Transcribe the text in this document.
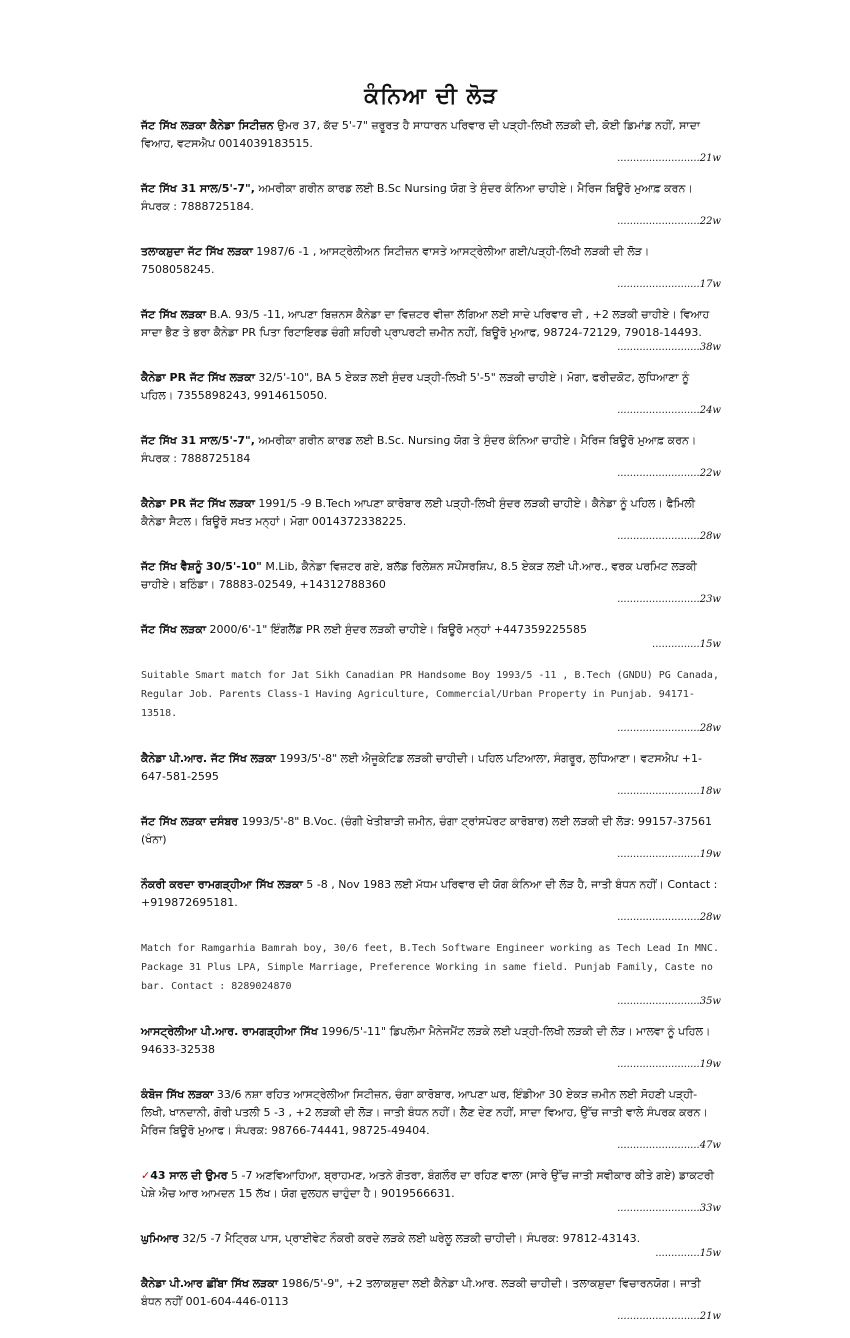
ਕੰਨਿਆ ਦੀ ਲੋੜ
ਜੱਟ ਸਿੱਖ ਲੜਕਾ ਕੈਨੇਡਾ ਸਿਟੀਜ਼ਨ ਉਮਰ 37, ਕੱਦ 5'-7" ਜ਼ਰੂਰਤ ਹੈ ਸਾਧਾਰਨ ਪਰਿਵਾਰ ਦੀ ਪੜ੍ਹੀ-ਲਿਖੀ ਲੜਕੀ ਦੀ, ਕੋਈ ਡਿਮਾਂਡ ਨਹੀਂ, ਸਾਦਾ ਵਿਆਹ, ਵਟਸਐਪ 0014039183515.
..........................21w
ਜੱਟ ਸਿੱਖ 31 ਸਾਲ/5'-7", ਅਮਰੀਕਾ ਗਰੀਨ ਕਾਰਡ ਲਈ B.Sc Nursing ਯੋਗ ਤੇ ਸੁੰਦਰ ਕੰਨਿਆ ਚਾਹੀਏ। ਮੈਰਿਜ ਬਿਊਰੋ ਮੁਆਫ਼ ਕਰਨ। ਸੰਪਰਕ : 7888725184.
..........................22w
ਤਲਾਕਸ਼ੁਦਾ ਜੱਟ ਸਿੱਖ ਲੜਕਾ 1987/6 -1 , ਆਸਟ੍ਰੇਲੀਅਨ ਸਿਟੀਜ਼ਨ ਵਾਸਤੇ ਆਸਟ੍ਰੇਲੀਆ ਗਈ/ਪੜ੍ਹੀ-ਲਿਖੀ ਲੜਕੀ ਦੀ ਲੋੜ। 7508058245.
..........................17w
ਜੱਟ ਸਿੱਖ ਲੜਕਾ B.A. 93/5 -11, ਆਪਣਾ ਬਿਜ਼ਨਸ ਕੈਨੇਡਾ ਦਾ ਵਿਜ਼ਟਰ ਵੀਜ਼ਾ ਲੱਗਿਆ ਲਈ ਸਾਦੇ ਪਰਿਵਾਰ ਦੀ , +2 ਲੜਕੀ ਚਾਹੀਏ। ਵਿਆਹ ਸਾਦਾ ਭੈਣ ਤੇ ਭਰਾ ਕੈਨੇਡਾ PR ਪਿਤਾ ਰਿਟਾਇਰਡ ਚੰਗੀ ਸ਼ਹਿਰੀ ਪ੍ਰਾਪਰਟੀ ਜ਼ਮੀਨ ਨਹੀਂ, ਬਿਊਰੋ ਮੁਆਫ, 98724-72129, 79018-14493.
..........................38w
ਕੈਨੇਡਾ PR ਜੱਟ ਸਿੱਖ ਲੜਕਾ 32/5'-10", BA 5 ਏਕੜ ਲਈ ਸੁੰਦਰ ਪੜ੍ਹੀ-ਲਿਖੀ 5'-5" ਲੜਕੀ ਚਾਹੀਏ। ਮੋਗਾ, ਫਰੀਦਕੋਟ, ਲੁਧਿਆਣਾ ਨੂੰ ਪਹਿਲ। 7355898243, 9914615050.
..........................24w
ਜੱਟ ਸਿੱਖ 31 ਸਾਲ/5'-7", ਅਮਰੀਕਾ ਗਰੀਨ ਕਾਰਡ ਲਈ B.Sc. Nursing ਯੋਗ ਤੇ ਸੁੰਦਰ ਕੰਨਿਆ ਚਾਹੀਏ। ਮੈਰਿਜ ਬਿਊਰੋ ਮੁਆਫ਼ ਕਰਨ। ਸੰਪਰਕ : 7888725184
..........................22w
ਕੈਨੇਡਾ PR ਜੱਟ ਸਿੱਖ ਲੜਕਾ 1991/5 -9 B.Tech ਆਪਣਾ ਕਾਰੋਬਾਰ ਲਈ ਪੜ੍ਹੀ-ਲਿਖੀ ਸੁੰਦਰ ਲੜਕੀ ਚਾਹੀਏ। ਕੈਨੇਡਾ ਨੂੰ ਪਹਿਲ। ਫੈਮਿਲੀ ਕੈਨੇਡਾ ਸੈਟਲ। ਬਿਊਰੋ ਸਖਤ ਮਨ੍ਹਾਂ। ਮੋਗਾ 0014372338225.
..........................28w
ਜੱਟ ਸਿੱਖ ਵੈਸ਼ਨੂੰ 30/5'-10" M.Lib, ਕੈਨੇਡਾ ਵਿਜ਼ਟਰ ਗਏ, ਬਲੱਡ ਰਿਲੇਸ਼ਨ ਸਪੌਂਸਰਸ਼ਿਪ, 8.5 ਏਕੜ ਲਈ ਪੀ.ਆਰ., ਵਰਕ ਪਰਮਿਟ ਲੜਕੀ ਚਾਹੀਏ। ਬਠਿੰਡਾ। 78883-02549, +14312788360
..........................23w
ਜੱਟ ਸਿੱਖ ਲੜਕਾ 2000/6'-1" ਇੰਗਲੈਂਡ PR ਲਈ ਸੁੰਦਰ ਲੜਕੀ ਚਾਹੀਏ। ਬਿਊਰੋ ਮਨ੍ਹਾਂ +447359225585
...............15w
Suitable Smart match for Jat Sikh Canadian PR Handsome Boy 1993/5 -11 , B.Tech (GNDU) PG Canada, Regular Job. Parents Class-1 Having Agriculture, Commercial/Urban Property in Punjab. 94171-13518.
..........................28w
ਕੈਨੇਡਾ ਪੀ.ਆਰ. ਜੱਟ ਸਿੱਖ ਲੜਕਾ 1993/5'-8" ਲਈ ਐਜੂਕੇਟਿਡ ਲੜਕੀ ਚਾਹੀਦੀ। ਪਹਿਲ ਪਟਿਆਲਾ, ਸੰਗਰੂਰ, ਲੁਧਿਆਣਾ। ਵਟਸਐਪ +1-647-581-2595
..........................18w
ਜੱਟ ਸਿੱਖ ਲੜਕਾ ਦਸੰਬਰ 1993/5'-8" B.Voc. (ਚੰਗੀ ਖੇਤੀਬਾੜੀ ਜ਼ਮੀਨ, ਚੰਗਾ ਟ੍ਰਾਂਸਪੋਰਟ ਕਾਰੋਬਾਰ) ਲਈ ਲੜਕੀ ਦੀ ਲੋੜ: 99157-37561 (ਖੰਨਾ)
..........................19w
ਨੌਕਰੀ ਕਰਦਾ ਰਾਮਗੜ੍ਹੀਆ ਸਿੱਖ ਲੜਕਾ 5 -8 , Nov 1983 ਲਈ ਮੱਧਮ ਪਰਿਵਾਰ ਦੀ ਯੋਗ ਕੰਨਿਆ ਦੀ ਲੋੜ ਹੈ, ਜਾਤੀ ਬੰਧਨ ਨਹੀਂ। Contact : +919872695181.
..........................28w
Match for Ramgarhia Bamrah boy, 30/6 feet, B.Tech Software Engineer working as Tech Lead In MNC. Package 31 Plus LPA, Simple Marriage, Preference Working in same field. Punjab Family, Caste no bar. Contact : 8289024870
..........................35w
ਆਸਟ੍ਰੇਲੀਆ ਪੀ.ਆਰ. ਰਾਮਗੜ੍ਹੀਆ ਸਿੱਖ 1996/5'-11" ਡਿਪਲੋਮਾ ਮੈਨੇਜਮੈਂਟ ਲੜਕੇ ਲਈ ਪੜ੍ਹੀ-ਲਿਖੀ ਲੜਕੀ ਦੀ ਲੋੜ। ਮਾਲਵਾ ਨੂੰ ਪਹਿਲ। 94633-32538
..........................19w
ਕੰਬੋਜ ਸਿੱਖ ਲੜਕਾ 33/6 ਨਸ਼ਾ ਰਹਿਤ ਆਸਟ੍ਰੇਲੀਆ ਸਿਟੀਜ਼ਨ, ਚੰਗਾ ਕਾਰੋਬਾਰ, ਆਪਣਾ ਘਰ, ਇੰਡੀਆ 30 ਏਕੜ ਜ਼ਮੀਨ ਲਈ ਸੋਹਣੀ ਪੜ੍ਹੀ-ਲਿਖੀ, ਖਾਨਦਾਨੀ, ਗੋਰੀ ਪਤਲੀ 5 -3 , +2 ਲੜਕੀ ਦੀ ਲੋੜ। ਜਾਤੀ ਬੰਧਨ ਨਹੀਂ। ਲੈਣ ਦੇਣ ਨਹੀਂ, ਸਾਦਾ ਵਿਆਹ, ਉੱਚ ਜਾਤੀ ਵਾਲੇ ਸੰਪਰਕ ਕਰਨ। ਮੈਰਿਜ ਬਿਊਰੋ ਮੁਆਫ। ਸੰਪਰਕ: 98766-74441, 98725-49404.
..........................47w
✓43 ਸਾਲ ਦੀ ਉਮਰ 5 -7 ਅਣਵਿਆਹਿਆ, ਬ੍ਰਾਹਮਣ, ਅਤਨੇ ਗੋਤਰਾ, ਬੰਗਲੌਰ ਦਾ ਰਹਿਣ ਵਾਲਾ (ਸਾਰੇ ਉੱਚ ਜਾਤੀ ਸਵੀਕਾਰ ਕੀਤੇ ਗਏ) ਡਾਕਟਰੀ ਪੇਸ਼ੇ ਐਚ ਆਰ ਆਮਦਨ 15 ਲੱਖ। ਯੋਗ ਦੁਲਹਨ ਚਾਹੁੰਦਾ ਹੈ। 9019566631.
..........................33w
ਘੁਮਿਆਰ 32/5 -7 ਮੈਟ੍ਰਿਕ ਪਾਸ, ਪ੍ਰਾਈਵੇਟ ਨੌਕਰੀ ਕਰਦੇ ਲੜਕੇ ਲਈ ਘਰੇਲੂ ਲੜਕੀ ਚਾਹੀਦੀ। ਸੰਪਰਕ: 97812-43143.
..............15w
ਕੈਨੇਡਾ ਪੀ.ਆਰ ਛੀਂਬਾ ਸਿੱਖ ਲੜਕਾ 1986/5'-9", +2 ਤਲਾਕਸ਼ੁਦਾ ਲਈ ਕੈਨੇਡਾ ਪੀ.ਆਰ. ਲੜਕੀ ਚਾਹੀਦੀ। ਤਲਾਕਸ਼ੁਦਾ ਵਿਚਾਰਨਯੋਗ। ਜਾਤੀ ਬੰਧਨ ਨਹੀਂ 001-604-446-0113
..........................21w
